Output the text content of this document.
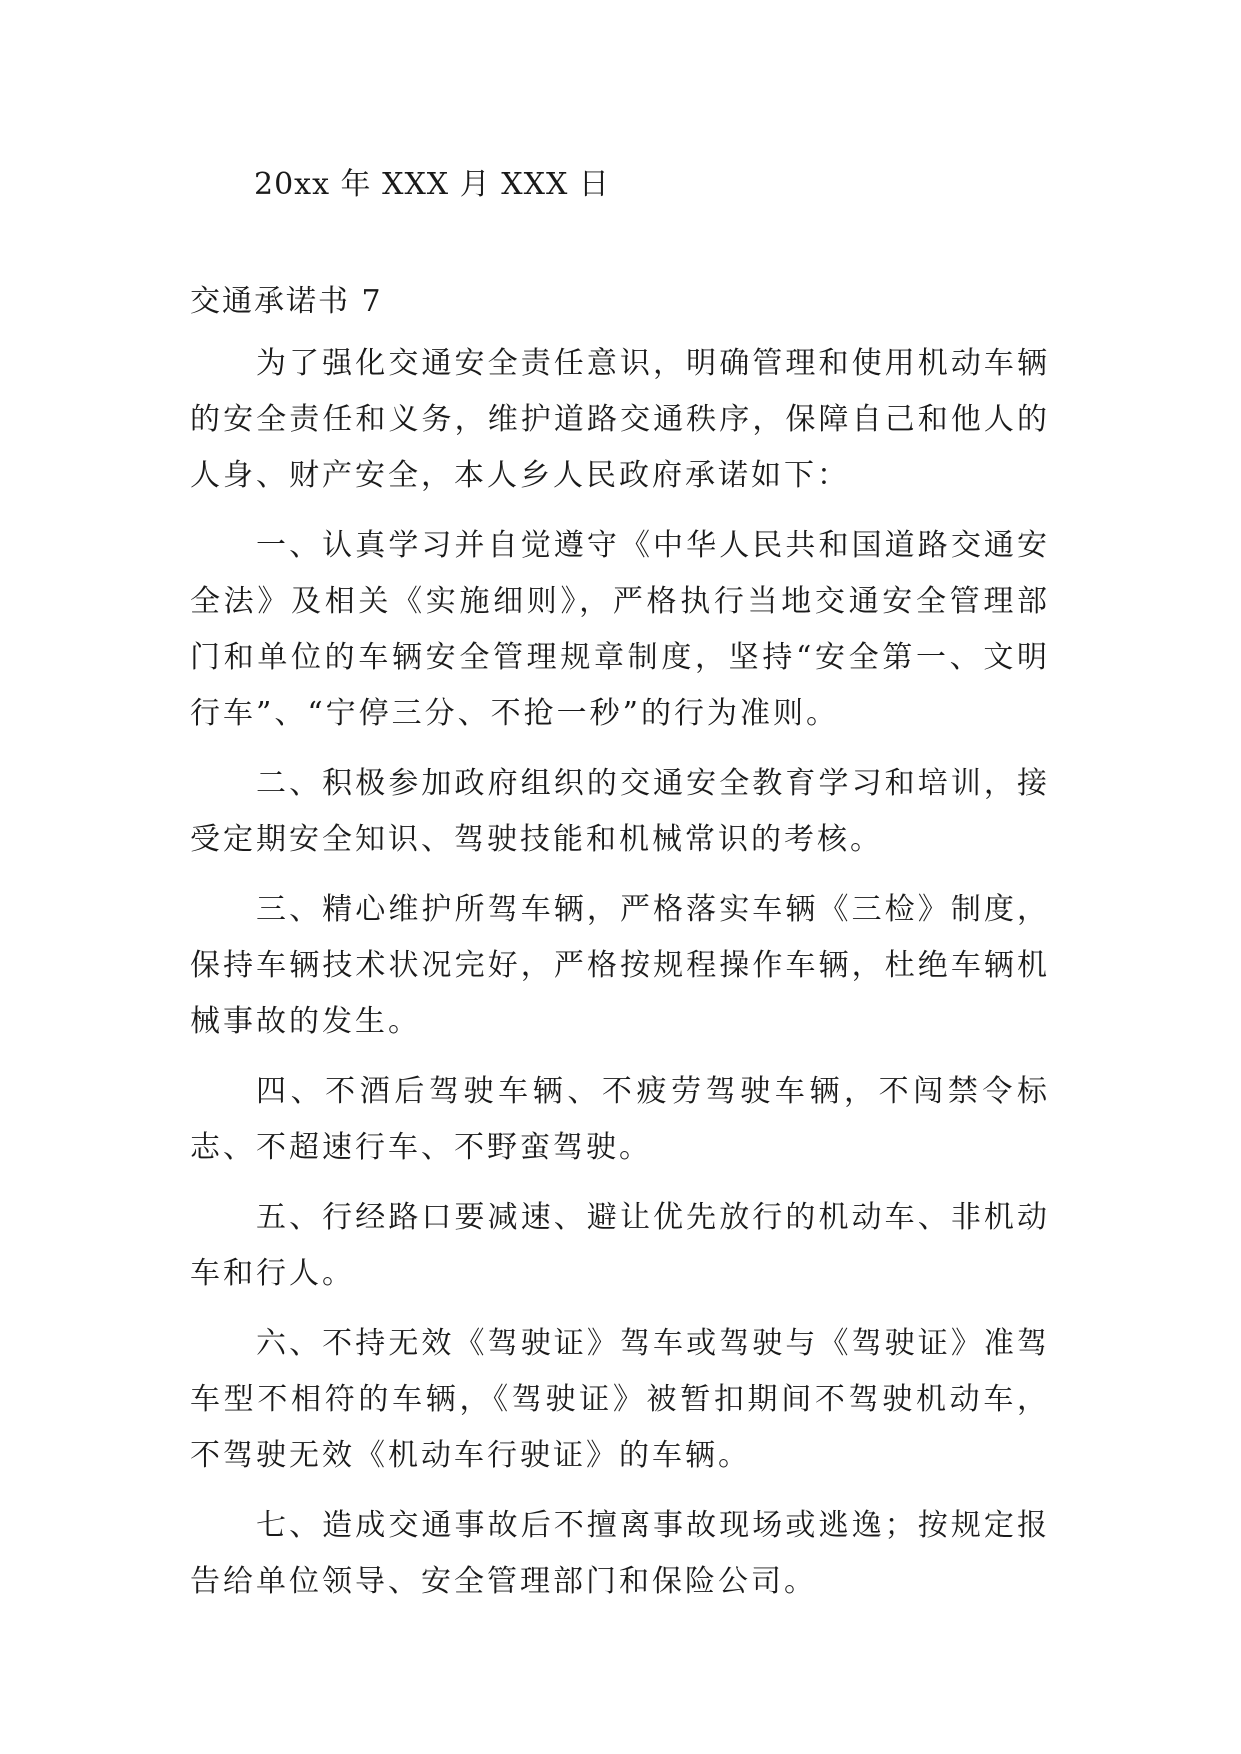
20xx 年 XXX 月 XXX 日
交通承诺书 7

为了强化交通安全责任意识，明确管理和使用机动车辆的安全责任和义务，维护道路交通秩序，保障自己和他人的人身、财产安全，本人乡人民政府承诺如下：

一、认真学习并自觉遵守《中华人民共和国道路交通安全法》及相关《实施细则》，严格执行当地交通安全管理部门和单位的车辆安全管理规章制度，坚持“安全第一、文明行车”、“宁停三分、不抢一秒”的行为准则。

二、积极参加政府组织的交通安全教育学习和培训，接受定期安全知识、驾驶技能和机械常识的考核。

三、精心维护所驾车辆，严格落实车辆《三检》制度，保持车辆技术状况完好，严格按规程操作车辆，杜绝车辆机械事故的发生。

四、不酒后驾驶车辆、不疲劳驾驶车辆，不闯禁令标志、不超速行车、不野蛮驾驶。

五、行经路口要减速、避让优先放行的机动车、非机动车和行人。

六、不持无效《驾驶证》驾车或驾驶与《驾驶证》准驾车型不相符的车辆，《驾驶证》被暂扣期间不驾驶机动车，不驾驶无效《机动车行驶证》的车辆。

七、造成交通事故后不擅离事故现场或逃逸；按规定报告给单位领导、安全管理部门和保险公司。
